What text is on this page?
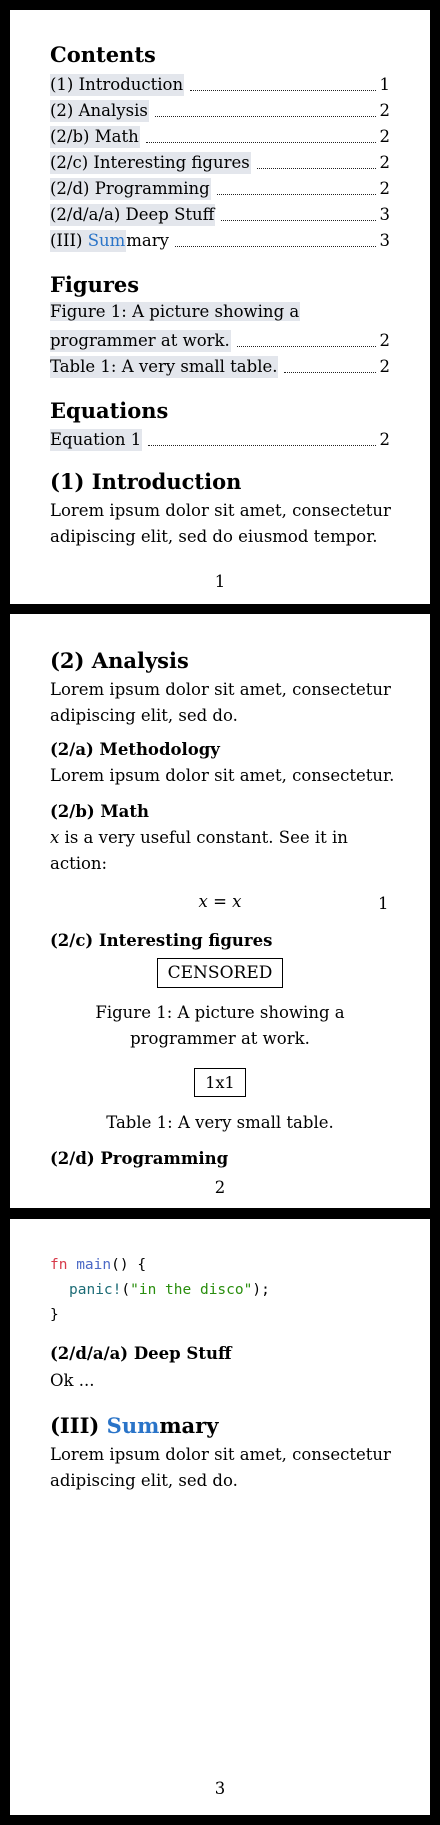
Contents
(1) Introduction	1
(2) Analysis	2
(2/b) Math	2
(2/c) Interesting figures	2
(2/d) Programming	2
(2/d/a/a) Deep Stuff	3
(III) Sum mary	3
Figures
Figure 1: A picture showing a
programmer at work.	2
Table 1: A very small table.	2
Equations
Equation 1	2
(1) Introduction
Lorem ipsum dolor sit amet, consectetur
adipiscing elit, sed do eiusmod tempor.
1
(2) Analysis
Lorem ipsum dolor sit amet, consectetur
adipiscing elit, sed do.
(2/a) Methodology
Lorem ipsum dolor sit amet, consectetur.
(2/b) Math
x is a very useful constant. See it in
action:
x = x	1
(2/c) Interesting figures
CENSORED
Figure 1: A picture showing a
programmer at work.
1x1
Table 1: A very small table.
(2/d) Programming
2
fn main() {
panic!("in the disco");
}
(2/d/a/a) Deep Stuff
Ok ...
(III) Summary
Lorem ipsum dolor sit amet, consectetur
adipiscing elit, sed do.
3
